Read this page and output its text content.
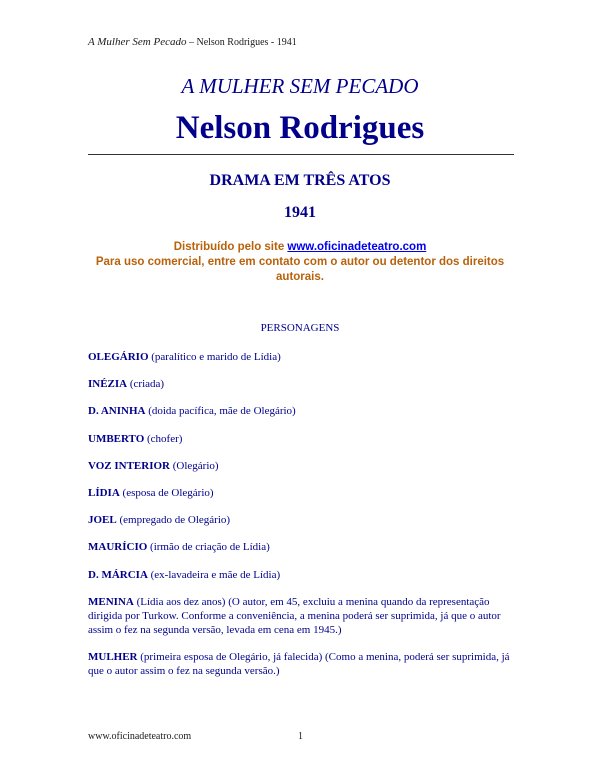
A Mulher Sem Pecado – Nelson Rodrigues - 1941
A MULHER SEM PECADO
Nelson Rodrigues
DRAMA EM TRÊS ATOS
1941
Distribuído pelo site www.oficinadeteatro.com
Para uso comercial, entre em contato com o autor ou detentor dos direitos autorais.
PERSONAGENS
OLEGÁRIO (paralítico e marido de Lídia)
INÉZIA (criada)
D. ANINHA (doida pacífica, mãe de Olegário)
UMBERTO (chofer)
VOZ INTERIOR (Olegário)
LÍDIA (esposa de Olegário)
JOEL (empregado de Olegário)
MAURÍCIO (irmão de criação de Lídia)
D. MÁRCIA (ex-lavadeira e mãe de Lídia)
MENINA (Lídia aos dez anos) (O autor, em 45, excluiu a menina quando da representação dirigida por Turkow. Conforme a conveniência, a menina poderá ser suprimida, já que o autor assim o fez na segunda versão, levada em cena em 1945.)
MULHER (primeira esposa de Olegário, já falecida) (Como a menina, poderá ser suprimida, já que o autor assim o fez na segunda versão.)
www.oficinadeteatro.com	1
